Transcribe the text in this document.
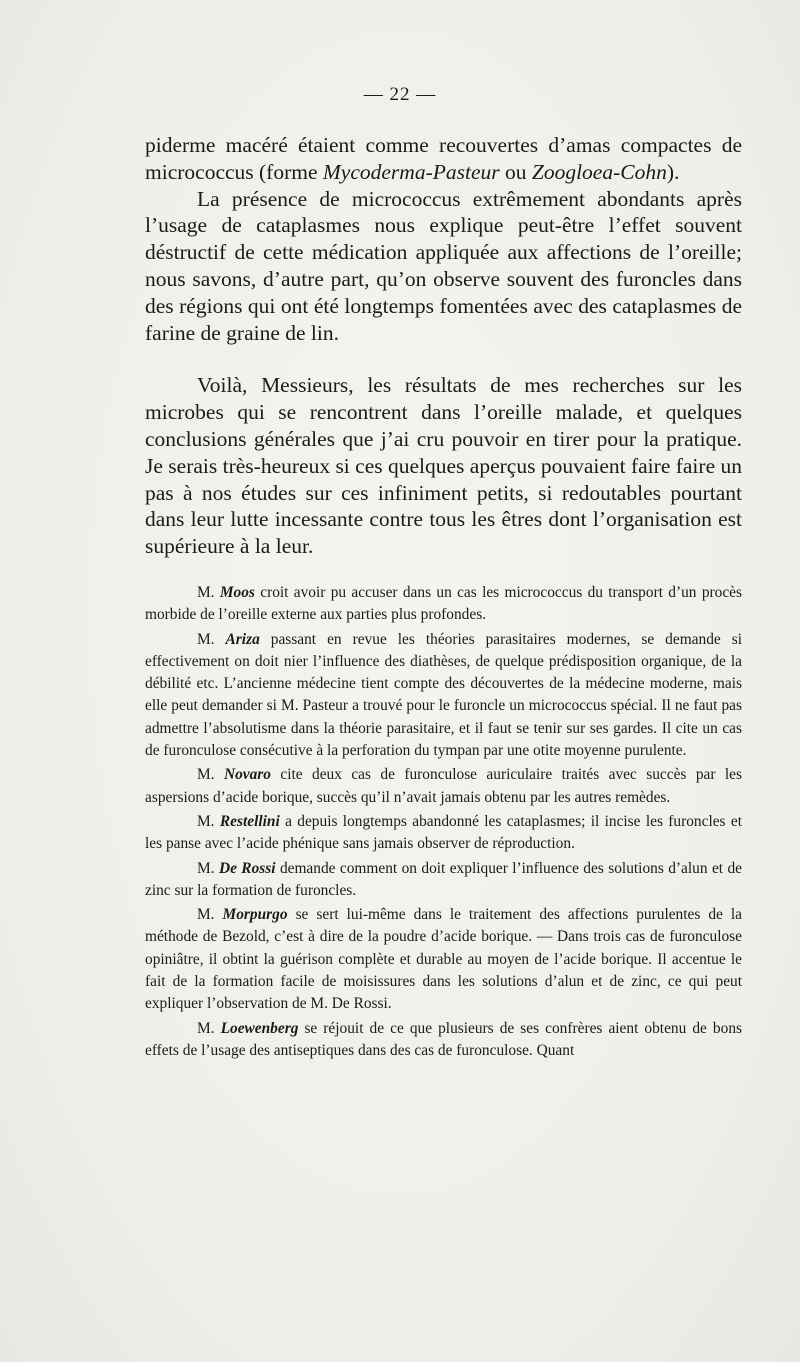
— 22 —

piderme macéré étaient comme recouvertes d’amas compactes de micrococcus (forme Mycoderma-Pasteur ou Zoogloea-Cohn).

La présence de micrococcus extrêmement abondants après l’usage de cataplasmes nous explique peut-être l’effet souvent déstructif de cette médication appliquée aux affections de l’oreille; nous savons, d’autre part, qu’on observe souvent des furoncles dans des régions qui ont été longtemps fomentées avec des cataplasmes de farine de graine de lin.

Voilà, Messieurs, les résultats de mes recherches sur les microbes qui se rencontrent dans l’oreille malade, et quelques conclusions générales que j’ai cru pouvoir en tirer pour la pratique. Je serais très-heureux si ces quelques aperçus pouvaient faire faire un pas à nos études sur ces infiniment petits, si redoutables pourtant dans leur lutte incessante contre tous les êtres dont l’organisation est supérieure à la leur.

M. Moos croit avoir pu accuser dans un cas les micrococcus du transport d’un procès morbide de l’oreille externe aux parties plus profondes.

M. Ariza passant en revue les théories parasitaires modernes, se demande si effectivement on doit nier l’influence des diathèses, de quelque prédisposition organique, de la débilité etc. L’ancienne médecine tient compte des découvertes de la médecine moderne, mais elle peut demander si M. Pasteur a trouvé pour le furoncle un micrococcus spécial. Il ne faut pas admettre l’absolutisme dans la théorie parasitaire, et il faut se tenir sur ses gardes. Il cite un cas de furonculose consécutive à la perforation du tympan par une otite moyenne purulente.

M. Novaro cite deux cas de furonculose auriculaire traités avec succès par les aspersions d’acide borique, succès qu’il n’avait jamais obtenu par les autres remèdes.

M. Restellini a depuis longtemps abandonné les cataplasmes; il incise les furoncles et les panse avec l’acide phénique sans jamais observer de réproduction.

M. De Rossi demande comment on doit expliquer l’influence des solutions d’alun et de zinc sur la formation de furoncles.

M. Morpurgo se sert lui-même dans le traitement des affections purulentes de la méthode de Bezold, c’est à dire de la poudre d’acide borique. — Dans trois cas de furonculose opiniâtre, il obtint la guérison complète et durable au moyen de l’acide borique. Il accentue le fait de la formation facile de moisissures dans les solutions d’alun et de zinc, ce qui peut expliquer l’observation de M. De Rossi.

M. Loewenberg se réjouit de ce que plusieurs de ses confrères aient obtenu de bons effets de l’usage des antiseptiques dans des cas de furonculose. Quant
